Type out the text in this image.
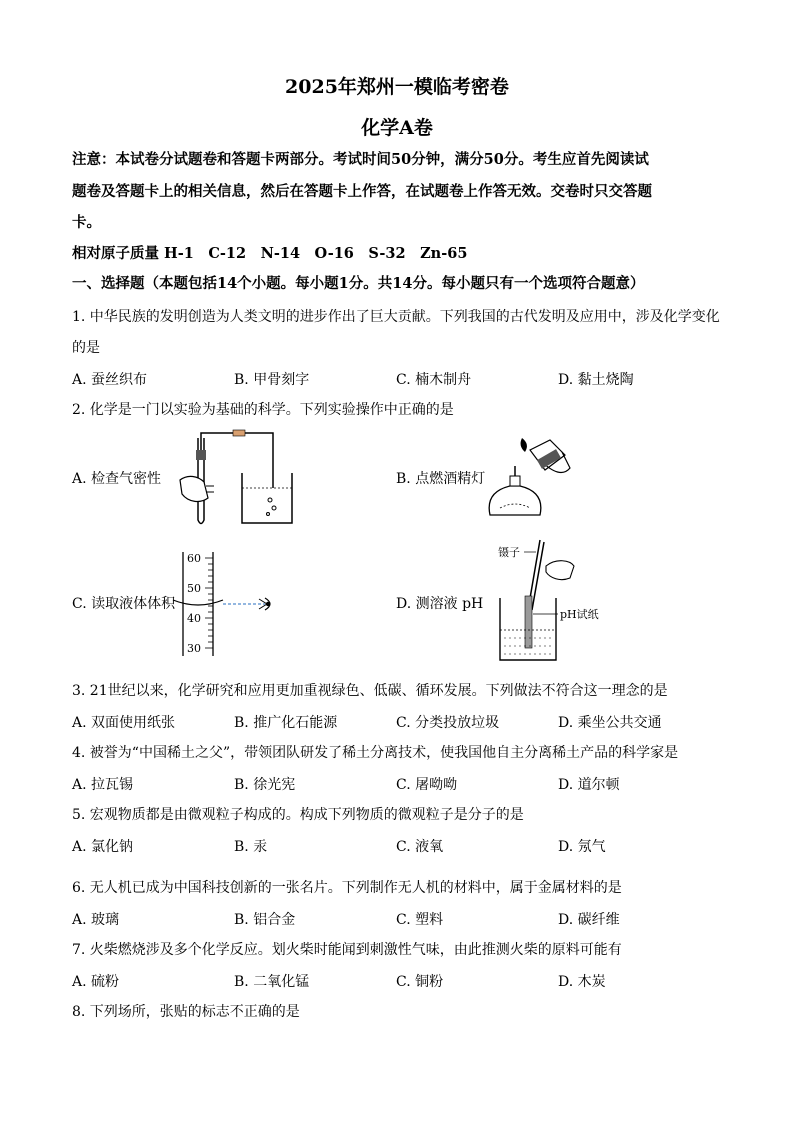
2025年郑州一模临考密卷
化学A卷
注意：本试卷分试题卷和答题卡两部分。考试时间50分钟，满分50分。考生应首先阅读试
题卷及答题卡上的相关信息，然后在答题卡上作答，在试题卷上作答无效。交卷时只交答题
卡。
相对原子质量 H-1　C-12　N-14　O-16　S-32　Zn-65
一、选择题（本题包括14个小题。每小题1分。共14分。每小题只有一个选项符合题意）
1. 中华民族的发明创造为人类文明的进步作出了巨大贡献。下列我国的古代发明及应用中，涉及化学变化
的是
A. 蚕丝织布	B. 甲骨刻字	C. 楠木制舟	D. 黏土烧陶
2. 化学是一门以实验为基础的科学。下列实验操作中正确的是
A. 检查气密性	B. 点燃酒精灯
C. 读取液体体积	D. 测溶液 pH
60
50
40
30
镊子
pH试纸
3. 21世纪以来，化学研究和应用更加重视绿色、低碳、循环发展。下列做法不符合这一理念的是
A. 双面使用纸张	B. 推广化石能源	C. 分类投放垃圾	D. 乘坐公共交通
4. 被誉为“中国稀土之父”，带领团队研发了稀土分离技术，使我国他自主分离稀土产品的科学家是
A. 拉瓦锡	B. 徐光宪	C. 屠呦呦	D. 道尔顿
5. 宏观物质都是由微观粒子构成的。构成下列物质的微观粒子是分子的是
A. 氯化钠	B. 汞	C. 液氧	D. 氖气
6. 无人机已成为中国科技创新的一张名片。下列制作无人机的材料中，属于金属材料的是
A. 玻璃	B. 铝合金	C. 塑料	D. 碳纤维
7. 火柴燃烧涉及多个化学反应。划火柴时能闻到刺激性气味，由此推测火柴的原料可能有
A. 硫粉	B. 二氧化锰	C. 铜粉	D. 木炭
8. 下列场所，张贴的标志不正确的是
